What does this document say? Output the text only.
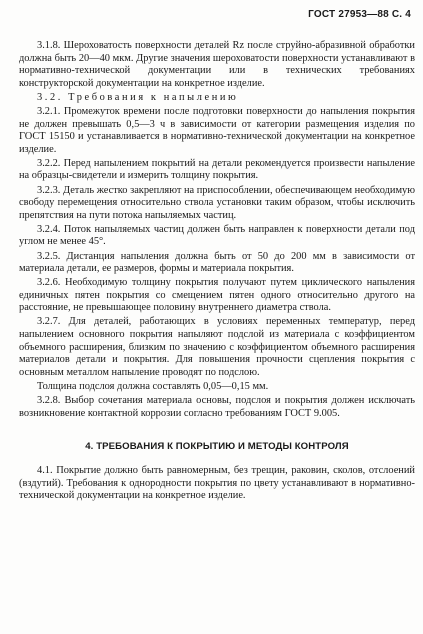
ГОСТ 27953—88 С. 4

3.1.8. Шероховатость поверхности деталей Rz после струйно-абразивной обработки должна быть 20—40 мкм. Другие значения шероховатости поверхности устанавливают в нормативно-технической документации или в технических требованиях конструкторской документации на конкретное изделие.

3.2. Требования к напылению

3.2.1. Промежуток времени после подготовки поверхности до напыления покрытия не должен превышать 0,5—3 ч в зависимости от категории размещения изделия по ГОСТ 15150 и устанавливается в нормативно-технической документации на конкретное изделие.

3.2.2. Перед напылением покрытий на детали рекомендуется произвести напыление на образцы-свидетели и измерить толщину покрытия.

3.2.3. Деталь жестко закрепляют на приспособлении, обеспечивающем необходимую свободу перемещения относительно ствола установки таким образом, чтобы исключить препятствия на пути потока напыляемых частиц.

3.2.4. Поток напыляемых частиц должен быть направлен к поверхности детали под углом не менее 45°.

3.2.5. Дистанция напыления должна быть от 50 до 200 мм в зависимости от материала детали, ее размеров, формы и материала покрытия.

3.2.6. Необходимую толщину покрытия получают путем циклического напыления единичных пятен покрытия со смещением пятен одного относительно другого на расстояние, не превышающее половину внутреннего диаметра ствола.

3.2.7. Для деталей, работающих в условиях переменных температур, перед напылением основного покрытия напыляют подслой из материала с коэффициентом объемного расширения, близким по значению с коэффициентом объемного расширения материалов детали и покрытия. Для повышения прочности сцепления покрытия с основным металлом напыление проводят по подслою.

Толщина подслоя должна составлять 0,05—0,15 мм.

3.2.8. Выбор сочетания материала основы, подслоя и покрытия должен исключать возникновение контактной коррозии согласно требованиям ГОСТ 9.005.

4. ТРЕБОВАНИЯ К ПОКРЫТИЮ И МЕТОДЫ КОНТРОЛЯ

4.1. Покрытие должно быть равномерным, без трещин, раковин, сколов, отслоений (вздутий). Требования к однородности покрытия по цвету устанавливают в нормативно-технической документации на конкретное изделие.
